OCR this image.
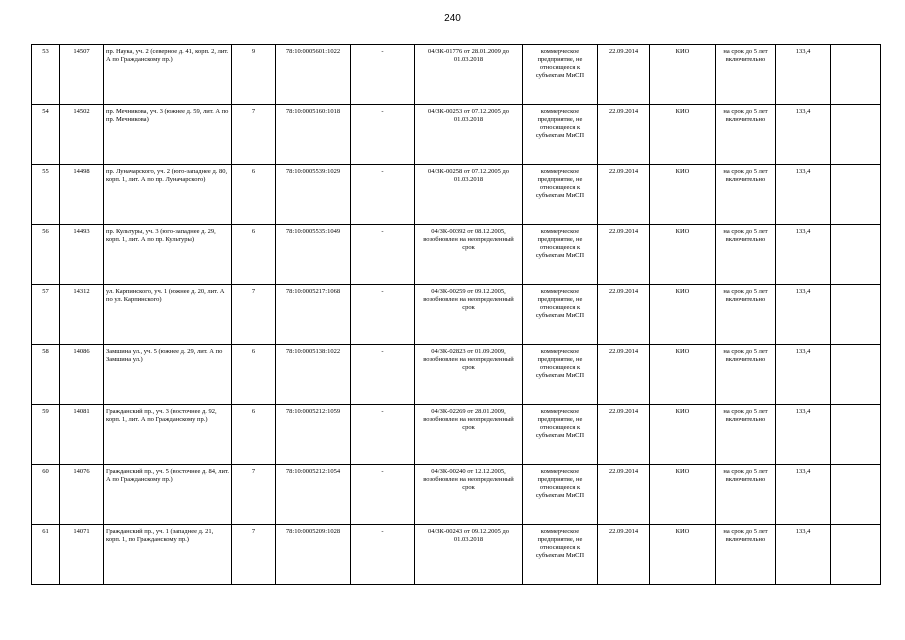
240
53	14507	пр. Наука, уч. 2 (северное д. 41, корп. 2, лит. А по Гражданскому пр.)	9	78:10:0005601:1022	-	04/ЗК-01776 от 28.01.2009 до 01.03.2018	коммерческое предприятие, не относящееся к субъектам МиСП	22.09.2014	КИО	на срок до 5 лет включительно	133,4	
54	14502	пр. Мечникова, уч. 3 (южнее д. 59, лит. А по пр. Мечникова)	7	78:10:0005160:1018	-	04/ЗК-00253 от 07.12.2005 до 01.03.2018	коммерческое предприятие, не относящееся к субъектам МиСП	22.09.2014	КИО	на срок до 5 лет включительно	133,4	
55	14498	пр. Луначарского, уч. 2 (юго-западнее д. 80, корп. 1, лит. А по пр. Луначарского)	6	78:10:0005539:1029	-	04/ЗК-00258 от 07.12.2005 до 01.03.2018	коммерческое предприятие, не относящееся к субъектам МиСП	22.09.2014	КИО	на срок до 5 лет включительно	133,4	
56	14493	пр. Культуры, уч. 3 (юго-западнее д. 29, корп. 1, лит. А по пр. Культуры)	6	78:10:0005535:1049	-	04/ЗК-00392 от 08.12.2005, возобновлен на неопределенный срок	коммерческое предприятие, не относящееся к субъектам МиСП	22.09.2014	КИО	на срок до 5 лет включительно	133,4	
57	14312	ул. Карпинского, уч. 1 (южнее д. 20, лит. А по ул. Карпинского)	7	78:10:0005217:1068	-	04/ЗК-00259 от 09.12.2005, возобновлен на неопределенный срок	коммерческое предприятие, не относящееся к субъектам МиСП	22.09.2014	КИО	на срок до 5 лет включительно	133,4	
58	14086	Замшина ул., уч. 5 (южнее д. 29, лит. А по Замшина ул.)	6	78:10:0005138:1022	-	04/ЗК-02823 от 01.09.2009, возобновлен на неопределенный срок	коммерческое предприятие, не относящееся к субъектам МиСП	22.09.2014	КИО	на срок до 5 лет включительно	133,4	
59	14081	Гражданский пр., уч. 3 (восточнее д. 92, корп. 1, лит. А по Гражданскому пр.)	6	78:10:0005212:1059	-	04/ЗК-02269 от 28.01.2009, возобновлен на неопределенный срок	коммерческое предприятие, не относящееся к субъектам МиСП	22.09.2014	КИО	на срок до 5 лет включительно	133,4	
60	14076	Гражданский пр., уч. 5 (восточнее д. 84, лит. А по Гражданскому пр.)	7	78:10:0005212:1054	-	04/ЗК-00240 от 12.12.2005, возобновлен на неопределенный срок	коммерческое предприятие, не относящееся к субъектам МиСП	22.09.2014	КИО	на срок до 5 лет включительно	133,4	
61	14071	Гражданский пр., уч. 1 (западнее д. 21, корп. 1, по Гражданскому пр.)	7	78:10:0005209:1028	-	04/ЗК-00243 от 09.12.2005 до 01.03.2018	коммерческое предприятие, не относящееся к субъектам МиСП	22.09.2014	КИО	на срок до 5 лет включительно	133,4	
